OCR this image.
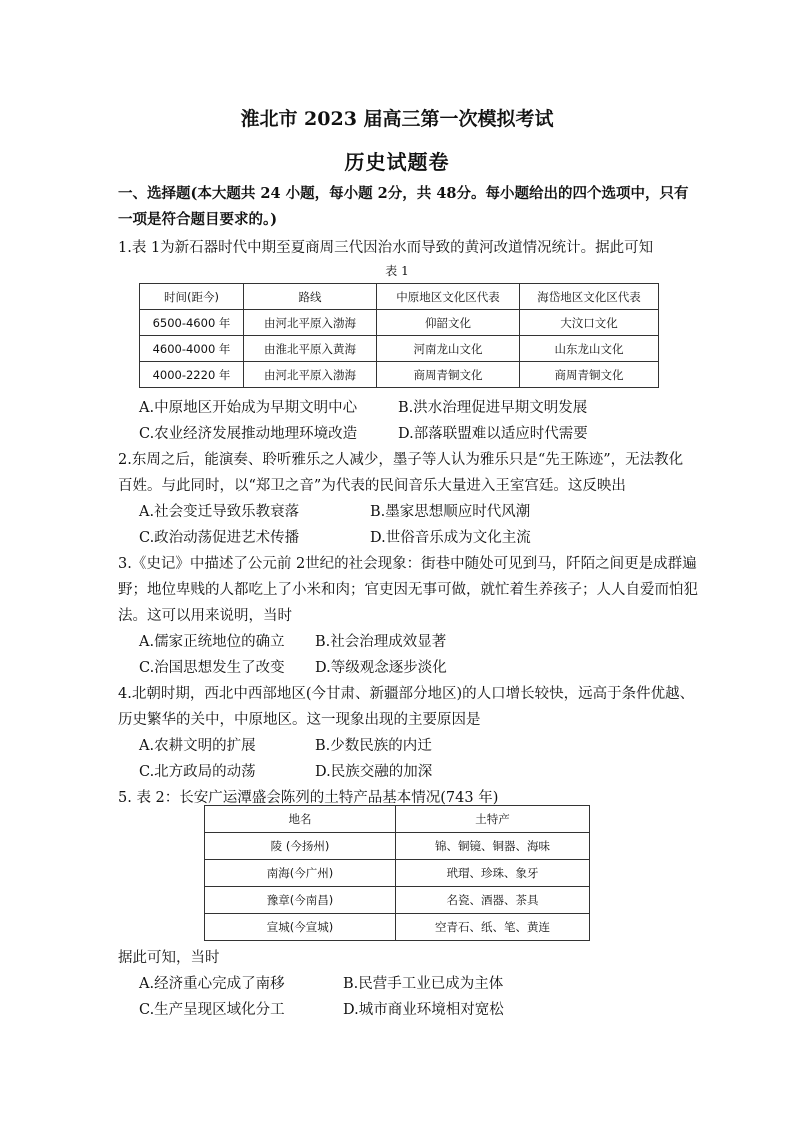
淮北市 2023 届高三第一次模拟考试
历史试题卷
一、选择题(本大题共 24 小题，每小题 2分，共 48分。每小题给出的四个选项中，只有
一项是符合题目要求的。)
1.表 1为新石器时代中期至夏商周三代因治水而导致的黄河改道情况统计。据此可知
表 1
时间(距今)	路线	中原地区文化区代表	海岱地区文化区代表
6500-4600 年	由河北平原入渤海	仰韶文化	大汶口文化
4600-4000 年	由淮北平原入黄海	河南龙山文化	山东龙山文化
4000-2220 年	由河北平原入渤海	商周青铜文化	商周青铜文化
A.中原地区开始成为早期文明中心	B.洪水治理促进早期文明发展
C.农业经济发展推动地理环境改造	D.部落联盟难以适应时代需要
2.东周之后，能演奏、聆听雅乐之人减少，墨子等人认为雅乐只是“先王陈迹”，无法教化
百姓。与此同时，以“郑卫之音”为代表的民间音乐大量进入王室宫廷。这反映出
A.社会变迁导致乐教衰落	B.墨家思想顺应时代风潮
C.政治动荡促进艺术传播	D.世俗音乐成为文化主流
3.《史记》中描述了公元前 2世纪的社会现象：街巷中随处可见到马，阡陌之间更是成群遍
野；地位卑贱的人都吃上了小米和肉；官吏因无事可做，就忙着生养孩子；人人自爱而怕犯
法。这可以用来说明，当时
A.儒家正统地位的确立 B.社会治理成效显著
C.治国思想发生了改变 D.等级观念逐步淡化
4.北朝时期，西北中西部地区(今甘肃、新疆部分地区)的人口增长较快，远高于条件优越、
历史繁华的关中，中原地区。这一现象出现的主要原因是
A.农耕文明的扩展	B.少数民族的内迁
C.北方政局的动荡	D.民族交融的加深
5. 表 2：长安广运潭盛会陈列的土特产品基本情况(743 年)
地名	土特产
陵 (今扬州)	锦、铜镜、铜器、海味
南海(今广州)	玳瑁、珍珠、象牙
豫章(今南昌)	名瓷、酒器、茶具
宣城(今宣城)	空青石、纸、笔、黄连
据此可知，当时
A.经济重心完成了南移	B.民营手工业已成为主体
C.生产呈现区域化分工	D.城市商业环境相对宽松
